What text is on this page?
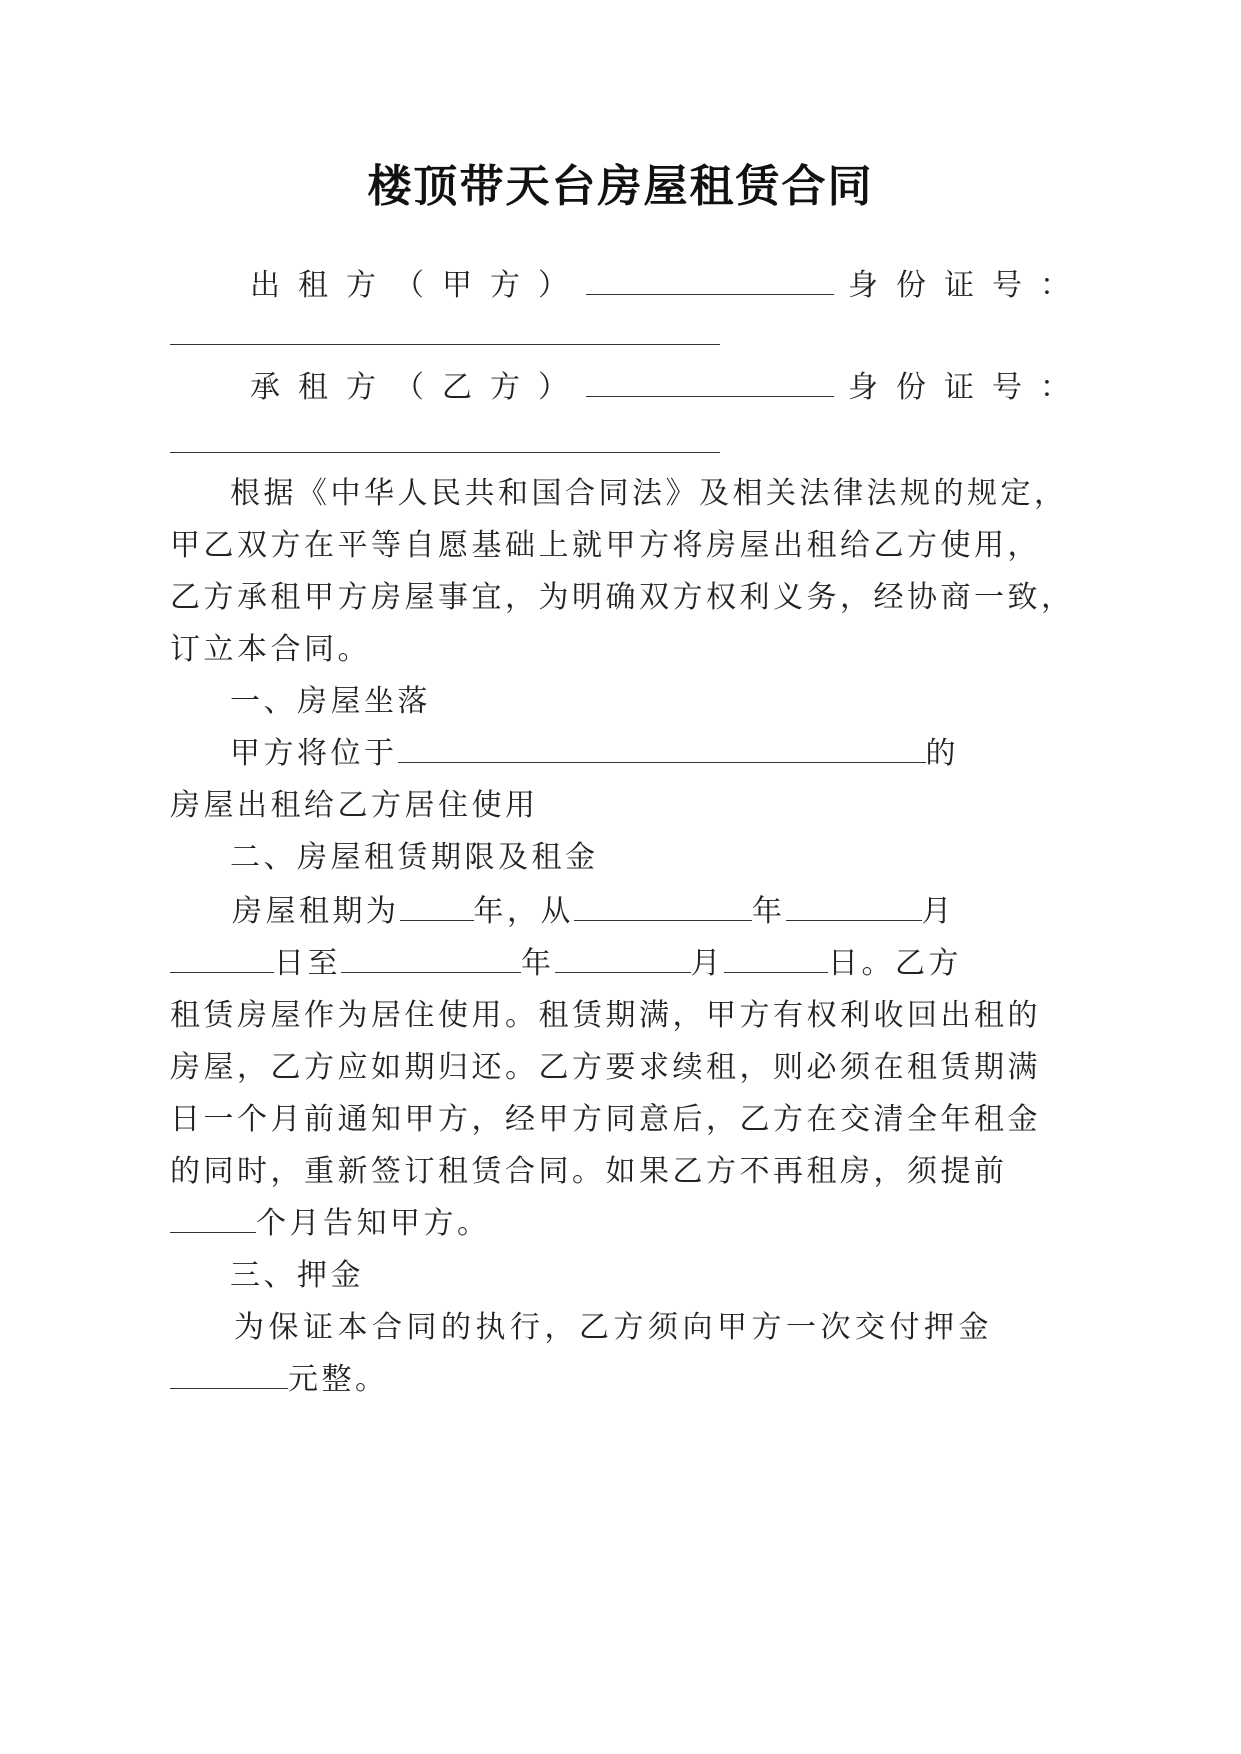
楼顶带天台房屋租赁合同
出租方（甲方）	身份证号：
承租方（乙方）	身份证号：
根据《中华人民共和国合同法》及相关法律法规的规定，
甲乙双方在平等自愿基础上就甲方将房屋出租给乙方使用，
乙方承租甲方房屋事宜，为明确双方权利义务，经协商一致，
订立本合同。
一、房屋坐落
甲方将位于	的
房屋出租给乙方居住使用
二、房屋租赁期限及租金
房屋租期为 年，从	年	月
日至	年	月	日。乙方
租赁房屋作为居住使用。租赁期满，甲方有权利收回出租的
房屋，乙方应如期归还。乙方要求续租，则必须在租赁期满
日一个月前通知甲方，经甲方同意后，乙方在交清全年租金
的同时，重新签订租赁合同。如果乙方不再租房，须提前
个月告知甲方。
三、押金
为保证本合同的执行，乙方须向甲方一次交付押金
元整。
